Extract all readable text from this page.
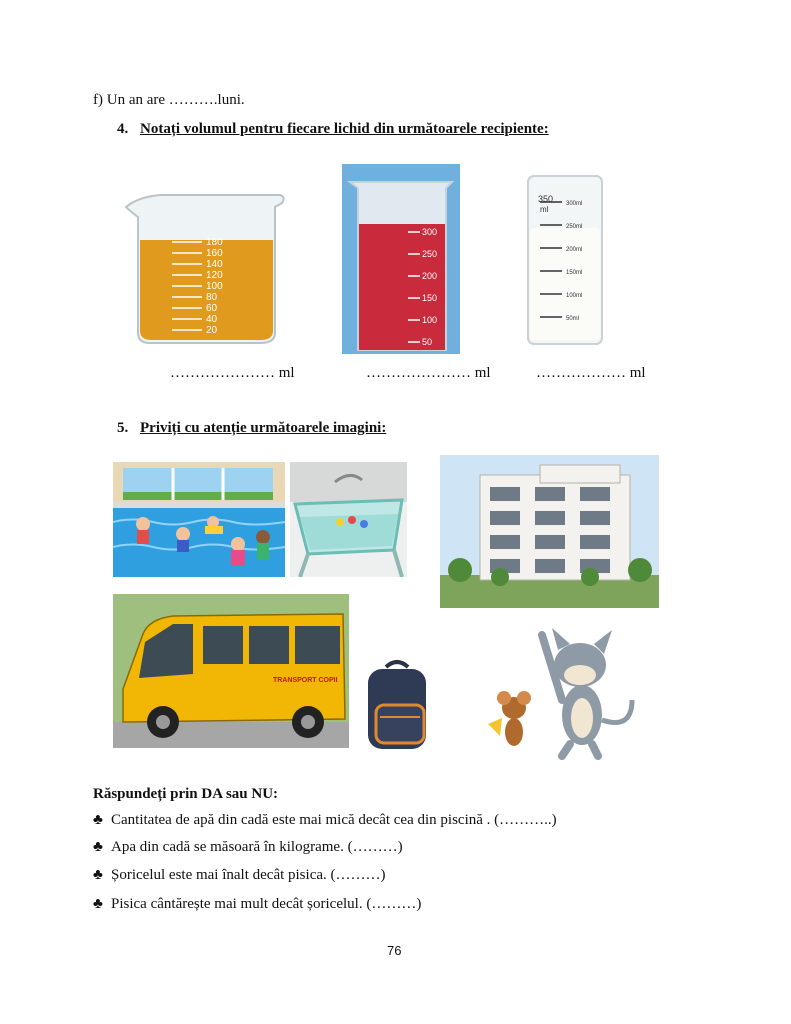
f) Un an are ……….luni.
4. Notați volumul pentru fiecare lichid din următoarele recipiente:
180
160
140
120
100
80
60
40
20
300
250
200
150
100
50
350
ml
300ml
250ml
200ml
150ml
100ml
50ml
………………… ml	………………… ml	……………… ml
5. Priviți cu atenție următoarele imagini:
TRANSPORT COPII
Răspundeți prin DA sau NU:
♣ Cantitatea de apă din cadă este mai mică decât cea din piscină . (………..)
♣ Apa din cadă se măsoară în kilograme. (………)
♣ Șoricelul este mai înalt decât pisica. (………)
♣ Pisica cântărește mai mult decât șoricelul. (………)
76
